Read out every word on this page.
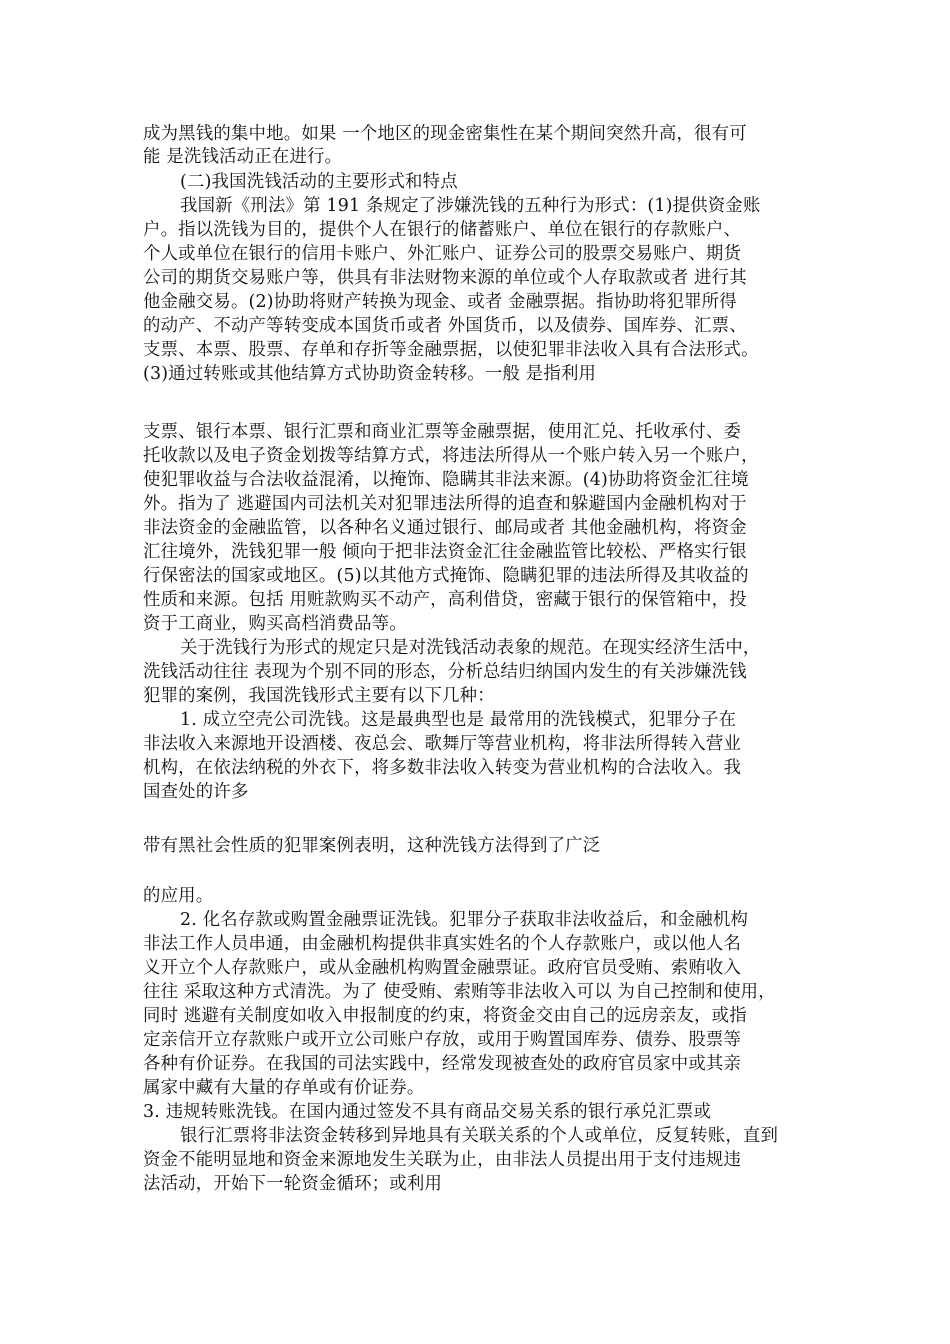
成为黑钱的集中地。如果 一个地区的现金密集性在某个期间突然升高，很有可
能 是洗钱活动正在进行。
(二)我国洗钱活动的主要形式和特点
我国新《刑法》第 191 条规定了涉嫌洗钱的五种行为形式：(1)提供资金账
户。指以洗钱为目的，提供个人在银行的储蓄账户、单位在银行的存款账户、
个人或单位在银行的信用卡账户、外汇账户、证券公司的股票交易账户、期货
公司的期货交易账户等，供具有非法财物来源的单位或个人存取款或者 进行其
他金融交易。(2)协助将财产转换为现金、或者 金融票据。指协助将犯罪所得
的动产、不动产等转变成本国货币或者 外国货币，以及债券、国库券、汇票、
支票、本票、股票、存单和存折等金融票据，以使犯罪非法收入具有合法形式。
(3)通过转账或其他结算方式协助资金转移。一般 是指利用
支票、银行本票、银行汇票和商业汇票等金融票据，使用汇兑、托收承付、委
托收款以及电子资金划拨等结算方式，将违法所得从一个账户转入另一个账户，
使犯罪收益与合法收益混淆，以掩饰、隐瞒其非法来源。(4)协助将资金汇往境
外。指为了 逃避国内司法机关对犯罪违法所得的追查和躲避国内金融机构对于
非法资金的金融监管，以各种名义通过银行、邮局或者 其他金融机构，将资金
汇往境外，洗钱犯罪一般 倾向于把非法资金汇往金融监管比较松、严格实行银
行保密法的国家或地区。(5)以其他方式掩饰、隐瞒犯罪的违法所得及其收益的
性质和来源。包括 用赃款购买不动产，高利借贷，密藏于银行的保管箱中，投
资于工商业，购买高档消费品等。
关于洗钱行为形式的规定只是对洗钱活动表象的规范。在现实经济生活中，
洗钱活动往往 表现为个别不同的形态，分析总结归纳国内发生的有关涉嫌洗钱
犯罪的案例，我国洗钱形式主要有以下几种：
1. 成立空壳公司洗钱。这是最典型也是 最常用的洗钱模式，犯罪分子在
非法收入来源地开设酒楼、夜总会、歌舞厅等营业机构，将非法所得转入营业
机构，在依法纳税的外衣下，将多数非法收入转变为营业机构的合法收入。我
国查处的许多
带有黑社会性质的犯罪案例表明，这种洗钱方法得到了广泛
的应用。
2. 化名存款或购置金融票证洗钱。犯罪分子获取非法收益后，和金融机构
非法工作人员串通，由金融机构提供非真实姓名的个人存款账户，或以他人名
义开立个人存款账户，或从金融机构购置金融票证。政府官员受贿、索贿收入
往往 采取这种方式清洗。为了 使受贿、索贿等非法收入可以 为自己控制和使用，
同时 逃避有关制度如收入申报制度的约束，将资金交由自己的远房亲友，或指
定亲信开立存款账户或开立公司账户存放，或用于购置国库券、债券、股票等
各种有价证券。在我国的司法实践中，经常发现被查处的政府官员家中或其亲
属家中藏有大量的存单或有价证券。
3. 违规转账洗钱。在国内通过签发不具有商品交易关系的银行承兑汇票或
银行汇票将非法资金转移到异地具有关联关系的个人或单位，反复转账，直到
资金不能明显地和资金来源地发生关联为止，由非法人员提出用于支付违规违
法活动，开始下一轮资金循环；或利用
